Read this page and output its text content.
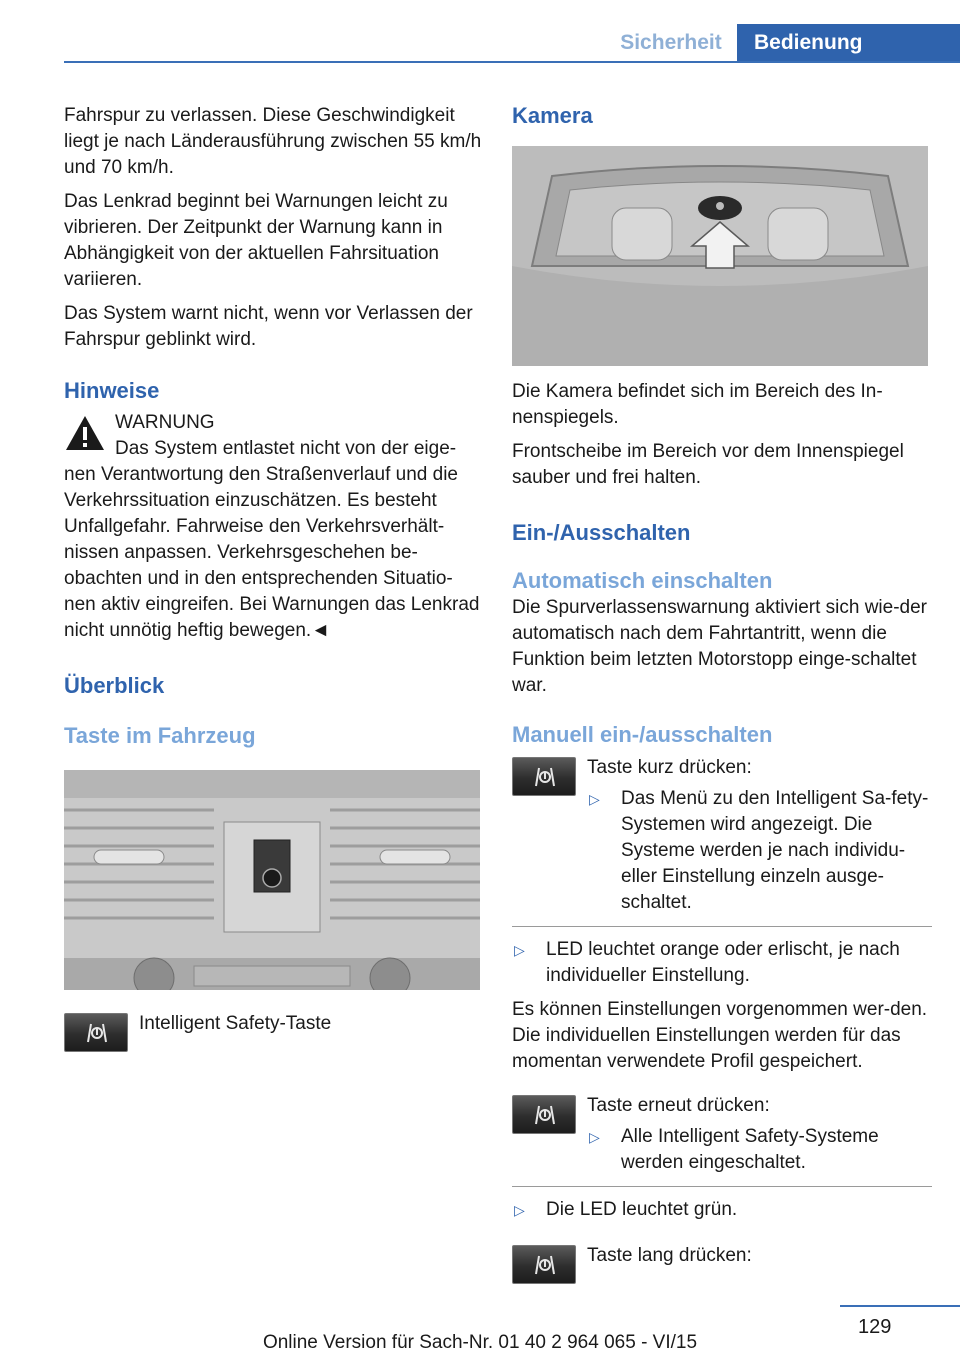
Sicherheit	Bedienung

Fahrspur zu verlassen. Diese Geschwindigkeit liegt je nach Länderausführung zwischen 55 km/h und 70 km/h.

Das Lenkrad beginnt bei Warnungen leicht zu vibrieren. Der Zeitpunkt der Warnung kann in Abhängigkeit von der aktuellen Fahrsituation variieren.

Das System warnt nicht, wenn vor Verlassen der Fahrspur geblinkt wird.

Hinweise
WARNUNG
Das System entlastet nicht von der eige-
nen Verantwortung den Straßenverlauf und die Verkehrssituation einzuschätzen. Es besteht Unfallgefahr. Fahrweise den Verkehrsverhält-nissen anpassen. Verkehrsgeschehen be-obachten und in den entsprechenden Situatio-nen aktiv eingreifen. Bei Warnungen das Lenkrad nicht unnötig heftig bewegen.◄
Überblick
Taste im Fahrzeug
Intelligent Safety-Taste
Kamera

Die Kamera befindet sich im Bereich des In-nenspiegels.

Frontscheibe im Bereich vor dem Innenspiegel sauber und frei halten.

Ein-/Ausschalten
Automatisch einschalten

Die Spurverlassenswarnung aktiviert sich wie-der automatisch nach dem Fahrtantritt, wenn die Funktion beim letzten Motorstopp einge-schaltet war.

Manuell ein-/ausschalten
Taste kurz drücken:
▷ Das Menü zu den Intelligent Sa-fety-Systemen wird angezeigt. Die Systeme werden je nach individu-eller Einstellung einzeln ausge-schaltet.
▷ LED leuchtet orange oder erlischt, je nach individueller Einstellung.

Es können Einstellungen vorgenommen wer-den. Die individuellen Einstellungen werden für das momentan verwendete Profil gespeichert.

Taste erneut drücken:
▷ Alle Intelligent Safety-Systeme werden eingeschaltet.
▷ Die LED leuchtet grün.
Taste lang drücken:
129
Online Version für Sach-Nr. 01 40 2 964 065 - VI/15
